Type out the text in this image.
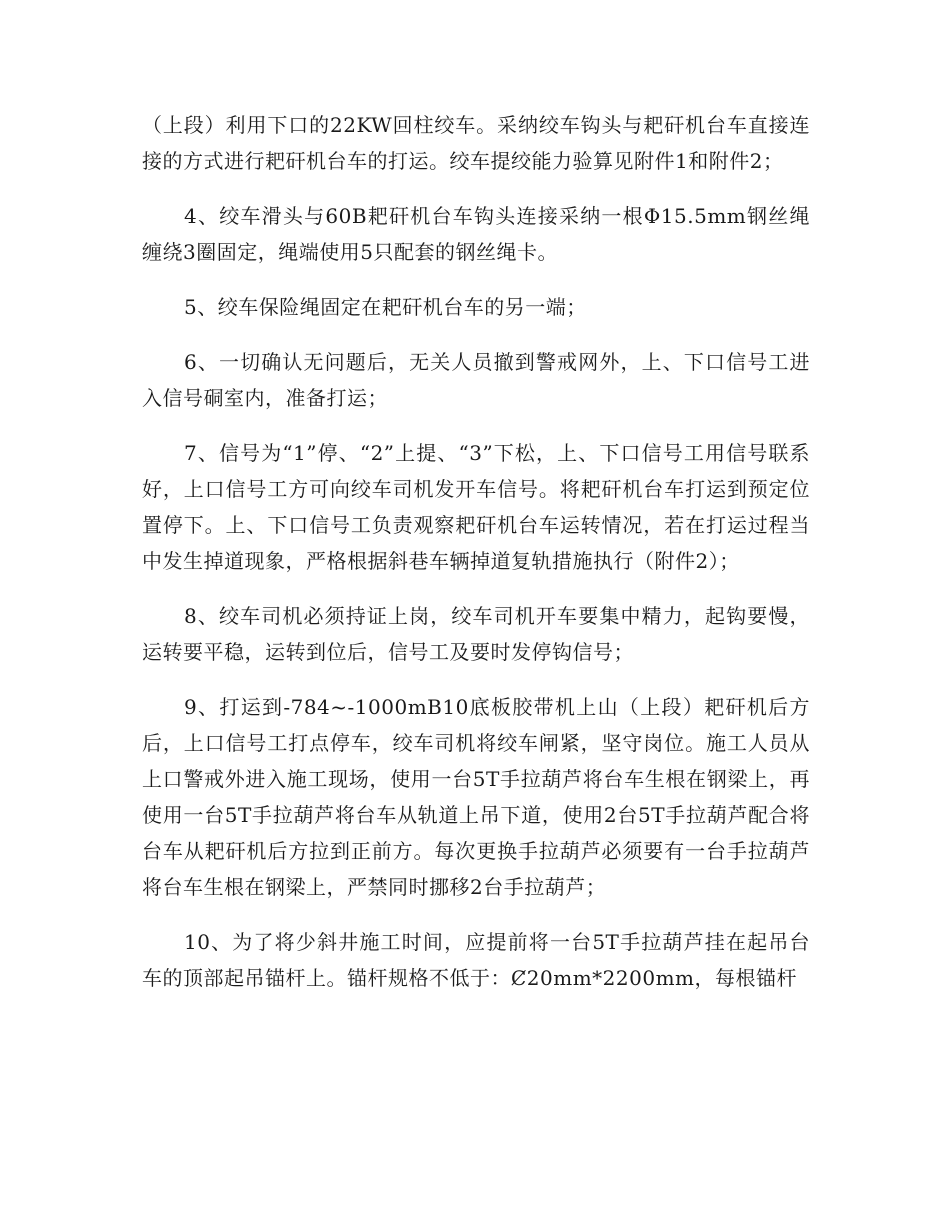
（上段）利用下口的22KW回柱绞车。采纳绞车钩头与耙矸机台车直接连接的方式进行耙矸机台车的打运。绞车提绞能力验算见附件1和附件2；

4、绞车滑头与60B耙矸机台车钩头连接采纳一根Φ15.5mm钢丝绳缠绕3圈固定，绳端使用5只配套的钢丝绳卡。

5、绞车保险绳固定在耙矸机台车的另一端；

6、一切确认无问题后，无关人员撤到警戒网外，上、下口信号工进入信号硐室内，准备打运；

7、信号为“1”停、“2”上提、“3”下松，上、下口信号工用信号联系好，上口信号工方可向绞车司机发开车信号。将耙矸机台车打运到预定位置停下。上、下口信号工负责观察耙矸机台车运转情况，若在打运过程当中发生掉道现象，严格根据斜巷车辆掉道复轨措施执行（附件2）；

8、绞车司机必须持证上岗，绞车司机开车要集中精力，起钩要慢，运转要平稳，运转到位后，信号工及要时发停钩信号；

9、打运到-784~-1000mB10底板胶带机上山（上段）耙矸机后方后，上口信号工打点停车，绞车司机将绞车闸紧，坚守岗位。施工人员从上口警戒外进入施工现场，使用一台5T手拉葫芦将台车生根在钢梁上，再使用一台5T手拉葫芦将台车从轨道上吊下道，使用2台5T手拉葫芦配合将台车从耙矸机后方拉到正前方。每次更换手拉葫芦必须要有一台手拉葫芦将台车生根在钢梁上，严禁同时挪移2台手拉葫芦；

10、为了将少斜井施工时间，应提前将一台5T手拉葫芦挂在起吊台车的顶部起吊锚杆上。锚杆规格不低于：Ȼ20mm*2200mm，每根锚杆
